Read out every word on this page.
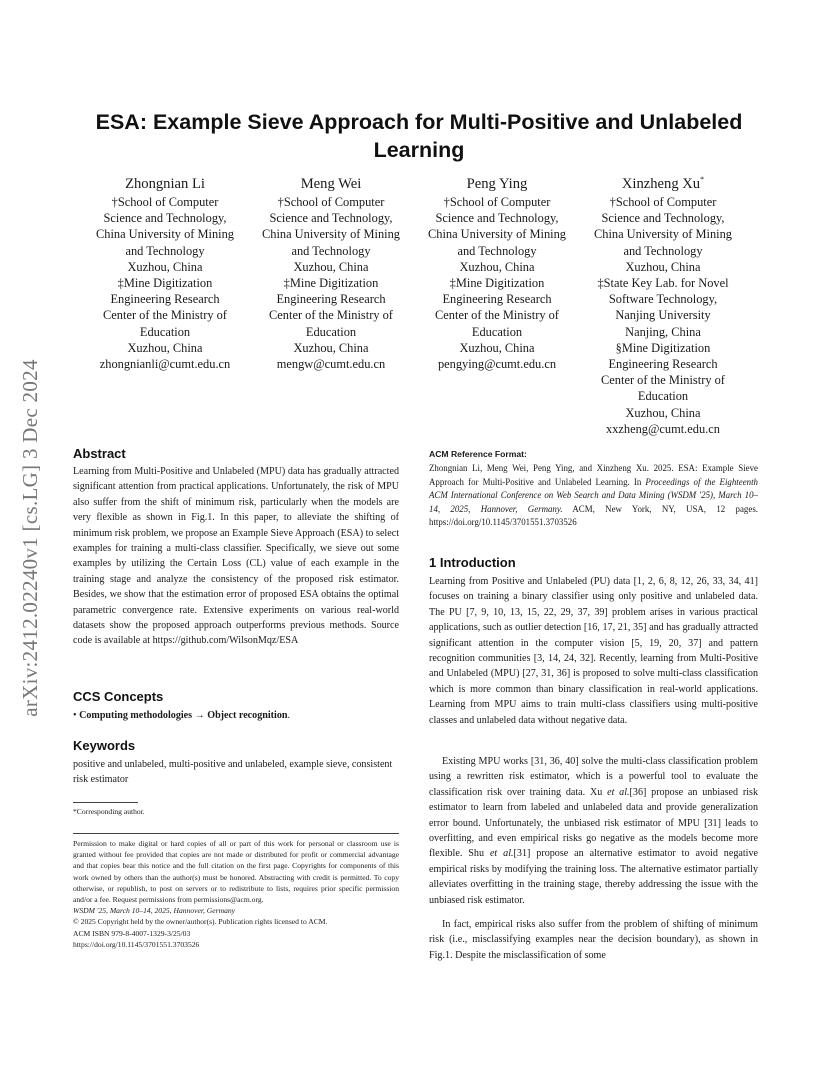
arXiv:2412.02240v1 [cs.LG] 3 Dec 2024
ESA: Example Sieve Approach for Multi-Positive and Unlabeled Learning
Zhongnian Li
†School of Computer
Science and Technology,
China University of Mining
and Technology
Xuzhou, China
‡Mine Digitization
Engineering Research
Center of the Ministry of
Education
Xuzhou, China
zhongnianli@cumt.edu.cn
Meng Wei
†School of Computer
Science and Technology,
China University of Mining
and Technology
Xuzhou, China
‡Mine Digitization
Engineering Research
Center of the Ministry of
Education
Xuzhou, China
mengw@cumt.edu.cn
Peng Ying
†School of Computer
Science and Technology,
China University of Mining
and Technology
Xuzhou, China
‡Mine Digitization
Engineering Research
Center of the Ministry of
Education
Xuzhou, China
pengying@cumt.edu.cn
Xinzheng Xu*
†School of Computer
Science and Technology,
China University of Mining
and Technology
Xuzhou, China
‡State Key Lab. for Novel
Software Technology,
Nanjing University
Nanjing, China
§Mine Digitization
Engineering Research
Center of the Ministry of
Education
Xuzhou, China
xxzheng@cumt.edu.cn
Abstract
Learning from Multi-Positive and Unlabeled (MPU) data has gradually attracted significant attention from practical applications. Unfortunately, the risk of MPU also suffer from the shift of minimum risk, particularly when the models are very flexible as shown in Fig.1. In this paper, to alleviate the shifting of minimum risk problem, we propose an Example Sieve Approach (ESA) to select examples for training a multi-class classifier. Specifically, we sieve out some examples by utilizing the Certain Loss (CL) value of each example in the training stage and analyze the consistency of the proposed risk estimator. Besides, we show that the estimation error of proposed ESA obtains the optimal parametric convergence rate. Extensive experiments on various real-world datasets show the proposed approach outperforms previous methods. Source code is available at https://github.com/WilsonMqz/ESA
CCS Concepts
• Computing methodologies → Object recognition.
Keywords
positive and unlabeled, multi-positive and unlabeled, example sieve, consistent risk estimator
*Corresponding author.
Permission to make digital or hard copies of all or part of this work for personal or classroom use is granted without fee provided that copies are not made or distributed for profit or commercial advantage and that copies bear this notice and the full citation on the first page. Copyrights for components of this work owned by others than the author(s) must be honored. Abstracting with credit is permitted. To copy otherwise, or republish, to post on servers or to redistribute to lists, requires prior specific permission and/or a fee. Request permissions from permissions@acm.org.
WSDM '25, March 10–14, 2025, Hannover, Germany
© 2025 Copyright held by the owner/author(s). Publication rights licensed to ACM.
ACM ISBN 979-8-4007-1329-3/25/03
https://doi.org/10.1145/3701551.3703526
ACM Reference Format:
Zhongnian Li, Meng Wei, Peng Ying, and Xinzheng Xu. 2025. ESA: Example Sieve Approach for Multi-Positive and Unlabeled Learning. In Proceedings of the Eighteenth ACM International Conference on Web Search and Data Mining (WSDM '25), March 10–14, 2025, Hannover, Germany. ACM, New York, NY, USA, 12 pages. https://doi.org/10.1145/3701551.3703526
1 Introduction
Learning from Positive and Unlabeled (PU) data [1, 2, 6, 8, 12, 26, 33, 34, 41] focuses on training a binary classifier using only positive and unlabeled data. The PU [7, 9, 10, 13, 15, 22, 29, 37, 39] problem arises in various practical applications, such as outlier detection [16, 17, 21, 35] and has gradually attracted significant attention in the computer vision [5, 19, 20, 37] and pattern recognition communities [3, 14, 24, 32]. Recently, learning from Multi-Positive and Unlabeled (MPU) [27, 31, 36] is proposed to solve multi-class classification which is more common than binary classification in real-world applications. Learning from MPU aims to train multi-class classifiers using multi-positive classes and unlabeled data without negative data.
Existing MPU works [31, 36, 40] solve the multi-class classification problem using a rewritten risk estimator, which is a powerful tool to evaluate the classification risk over training data. Xu et al.[36] propose an unbiased risk estimator to learn from labeled and unlabeled data and provide generalization error bound. Unfortunately, the unbiased risk estimator of MPU [31] leads to overfitting, and even empirical risks go negative as the models become more flexible. Shu et al.[31] propose an alternative estimator to avoid negative empirical risks by modifying the training loss. The alternative estimator partially alleviates overfitting in the training stage, thereby addressing the issue with the unbiased risk estimator.
In fact, empirical risks also suffer from the problem of shifting of minimum risk (i.e., misclassifying examples near the decision boundary), as shown in Fig.1. Despite the misclassification of some
